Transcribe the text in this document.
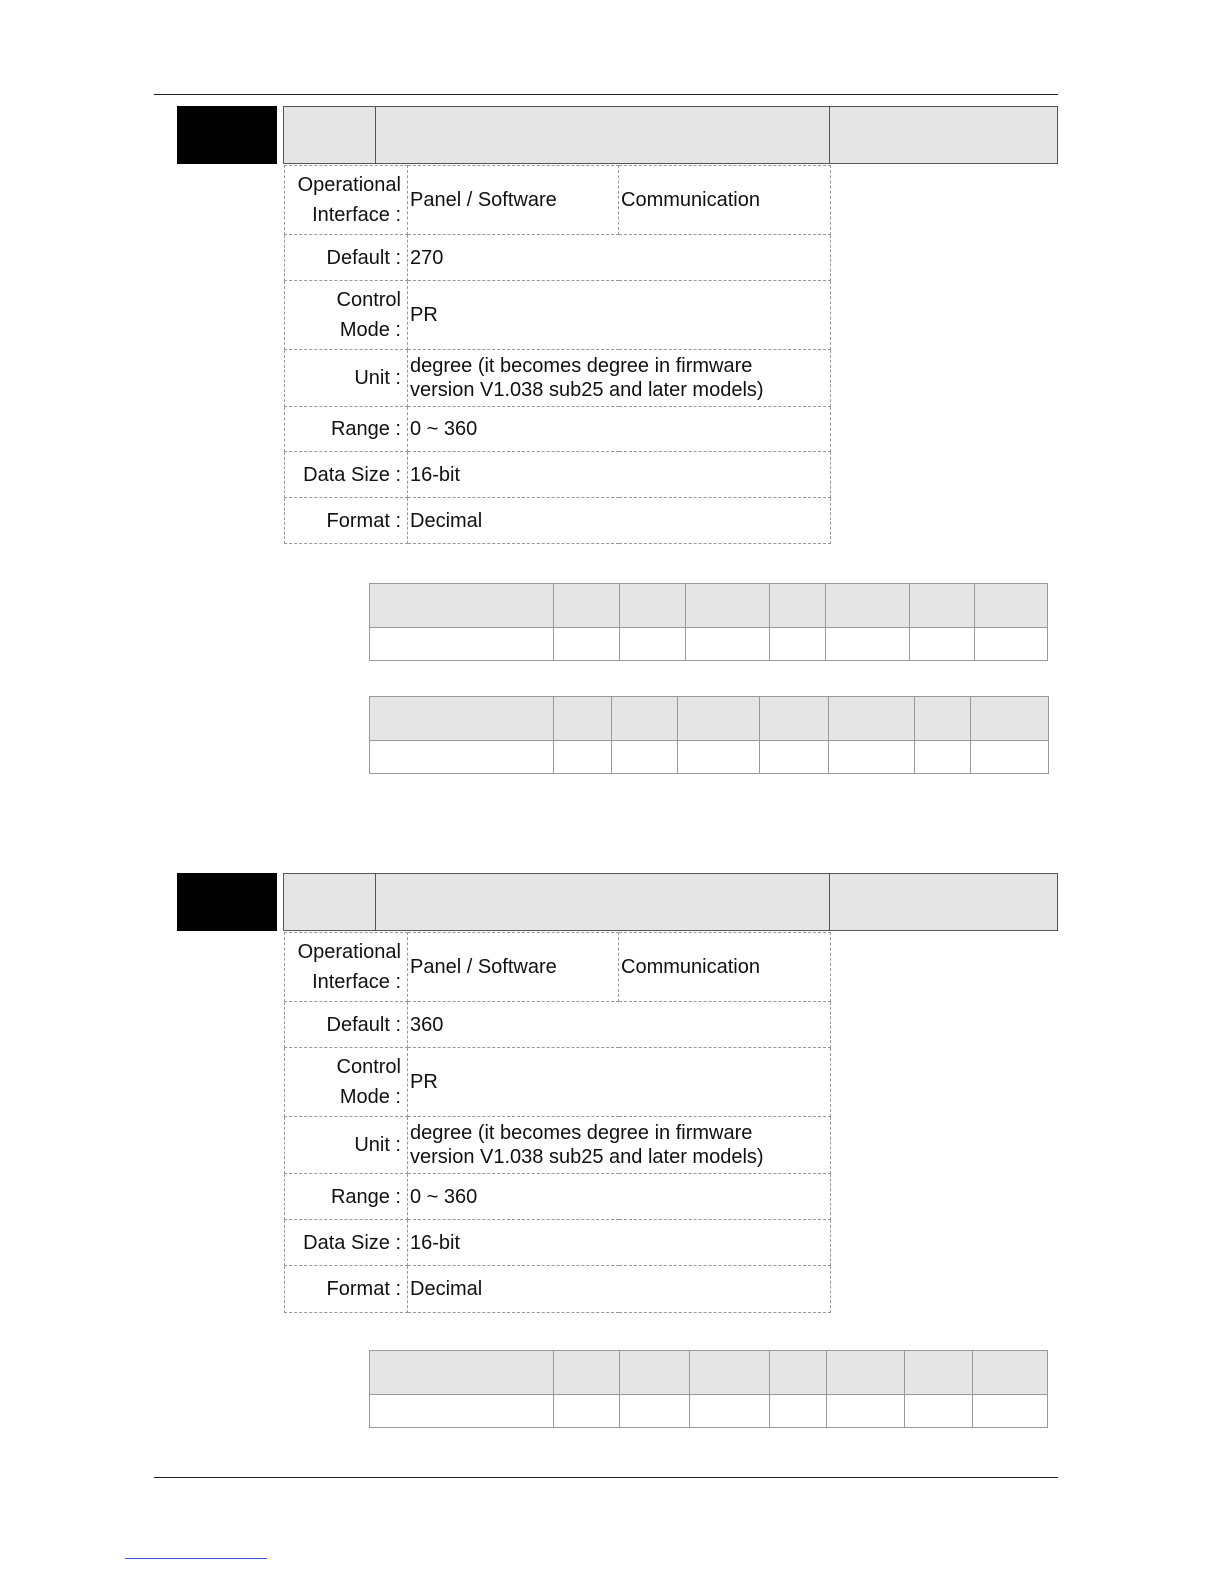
Operational
Interface :	Panel / Software	Communication
Default :	270	

Control
Mode :	PR	
Unit :	degree (it becomes degree in firmware
version V1.038 sub25 and later models)	

Range :	0 ~ 360	
Data Size :	16-bit	
Format :	Decimal	

Operational
Interface :	Panel / Software	Communication
Default :	360	

Control
Mode :	PR	
Unit :	degree (it becomes degree in firmware
version V1.038 sub25 and later models)	

Range :	0 ~ 360	
Data Size :	16-bit	
Format :	Decimal	
